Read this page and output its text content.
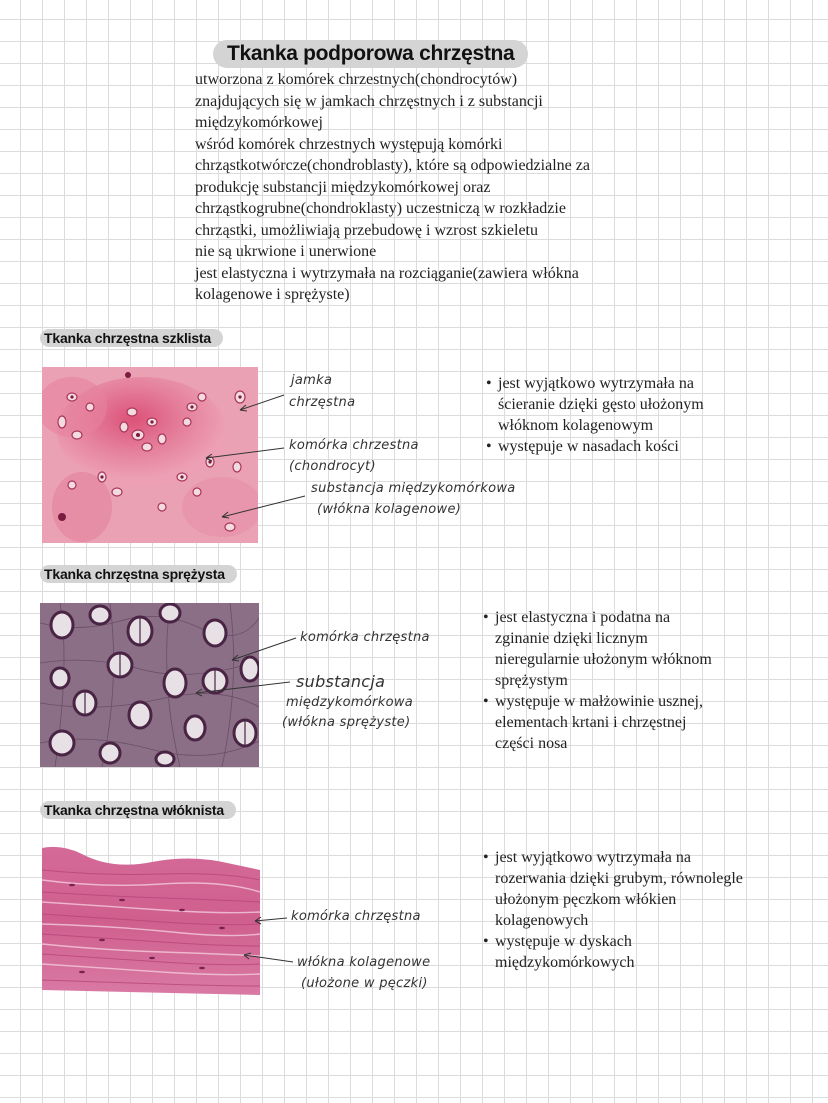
Tkanka podporowa chrzęstna
utworzona z komórek chrzestnych(chondrocytów)
znajdujących się w jamkach chrzęstnych i z substancji
międzykomórkowej
wśród komórek chrzestnych występują komórki
chrząstkotwórcze(chondroblasty), które są odpowiedzialne za
produkcję substancji międzykomórkowej oraz
chrząstkogrubne(chondroklasty) uczestniczą w rozkładzie
chrząstki, umożliwiają przebudowę i wzrost szkieletu
nie są ukrwione i unerwione
jest elastyczna i wytrzymała na rozciąganie(zawiera włókna
kolagenowe i sprężyste)
Tkanka chrzęstna szklista
jamka
chrzęstna
komórka chrzestna
(chondrocyt)
substancja międzykomórkowa
(włókna kolagenowe)
• jest wyjątkowo wytrzymała na
ścieranie dzięki gęsto ułożonym
włóknom kolagenowym
• występuje w nasadach kości
Tkanka chrzęstna sprężysta
komórka chrzęstna
substancja
międzykomórkowa
(włókna sprężyste)
• jest elastyczna i podatna na
zginanie dzięki licznym
nieregularnie ułożonym włóknom
sprężystym
• występuje w małżowinie usznej,
elementach krtani i chrzęstnej
części nosa
Tkanka chrzęstna włóknista
komórka chrzęstna
włókna kolagenowe
(ułożone w pęczki)
• jest wyjątkowo wytrzymała na
rozerwania dzięki grubym, równolegle
ułożonym pęczkom włókien
kolagenowych
• występuje w dyskach
międzykomórkowych
